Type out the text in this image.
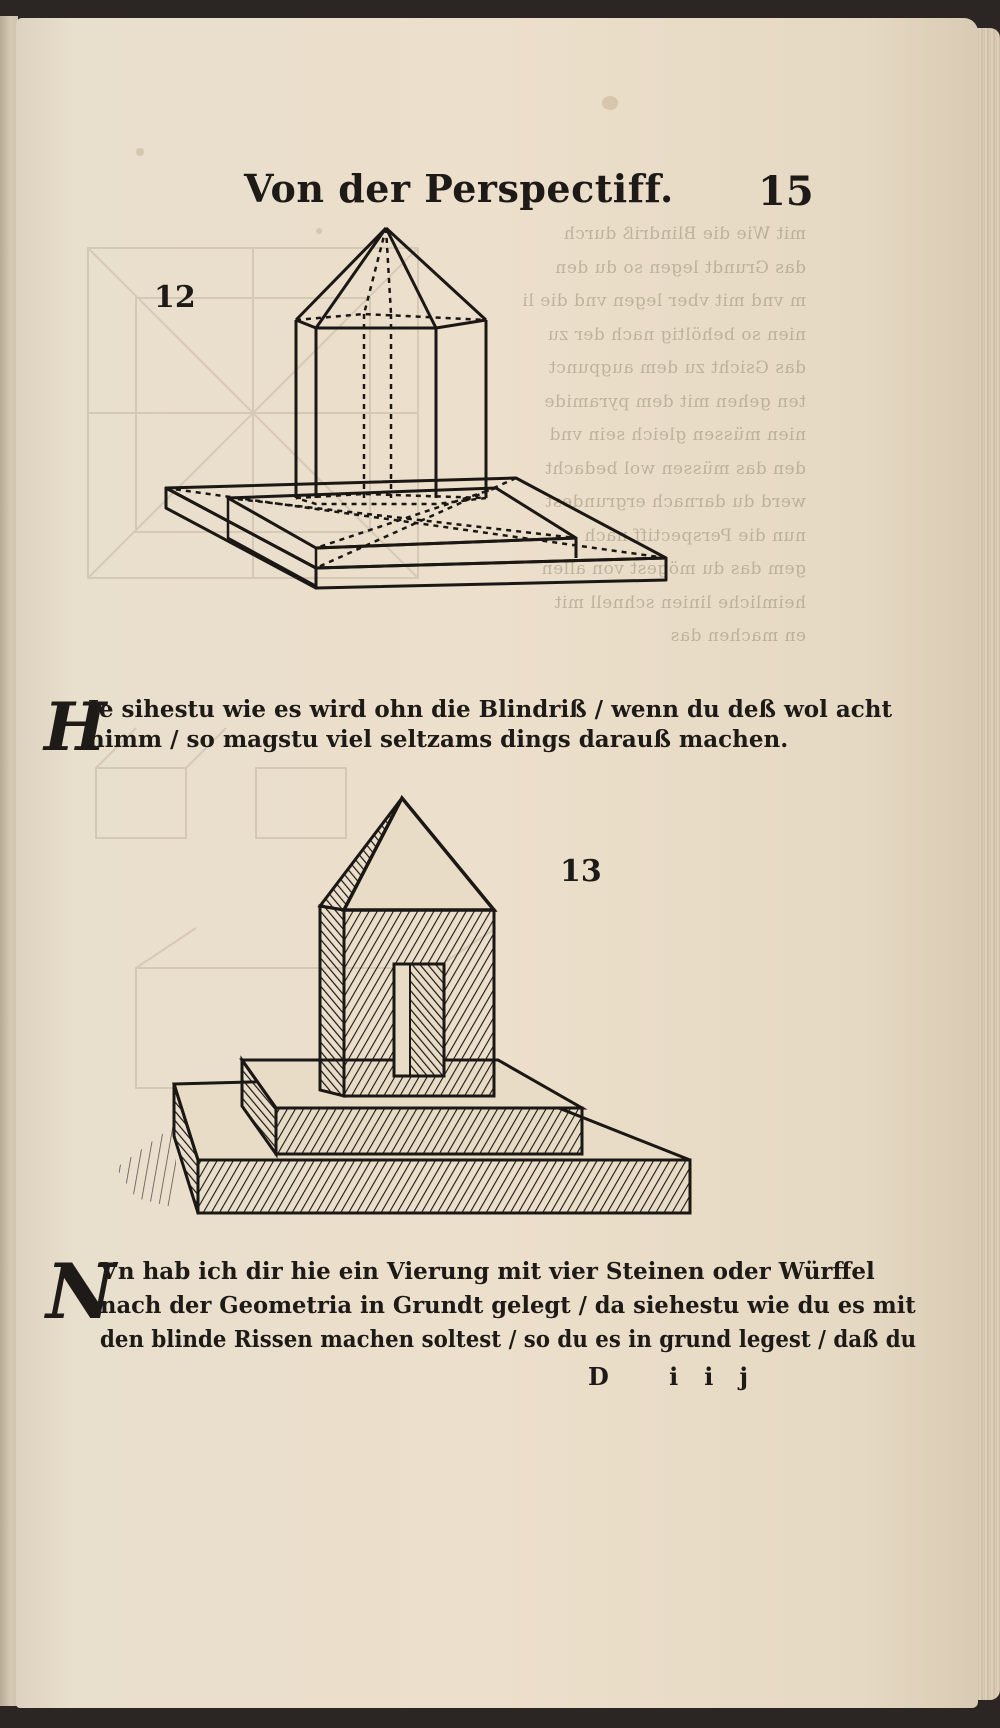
mit Wie die Blindriß durch
das Grundt legen so du den
m vnd mit vber legen vnd die li
nien so behöltig nach der zu
das Gsicht zu dem augpunct
ten gehen mit dem pyramide
nien müssen gleich sein vnd
den das müssen wol bedacht
werd du darnach ergrundest
nun die Perspectiff nach
gem das du mögest von allen
heimliche linien schnell mit
en machen das
Von der Perspectiff. 15
12
H
Je sihestu wie es wird ohn die Blindriß / wenn du deß wol acht
nimm / so magstu viel seltzams dings darauß machen.
13
N
Vn hab ich dir hie ein Vierung mit vier Steinen oder Würffel
nach der Geometria in Grundt gelegt / da siehestu wie du es mit
den blinde Rissen machen soltest / so du es in grund legest / daß du
D iij
